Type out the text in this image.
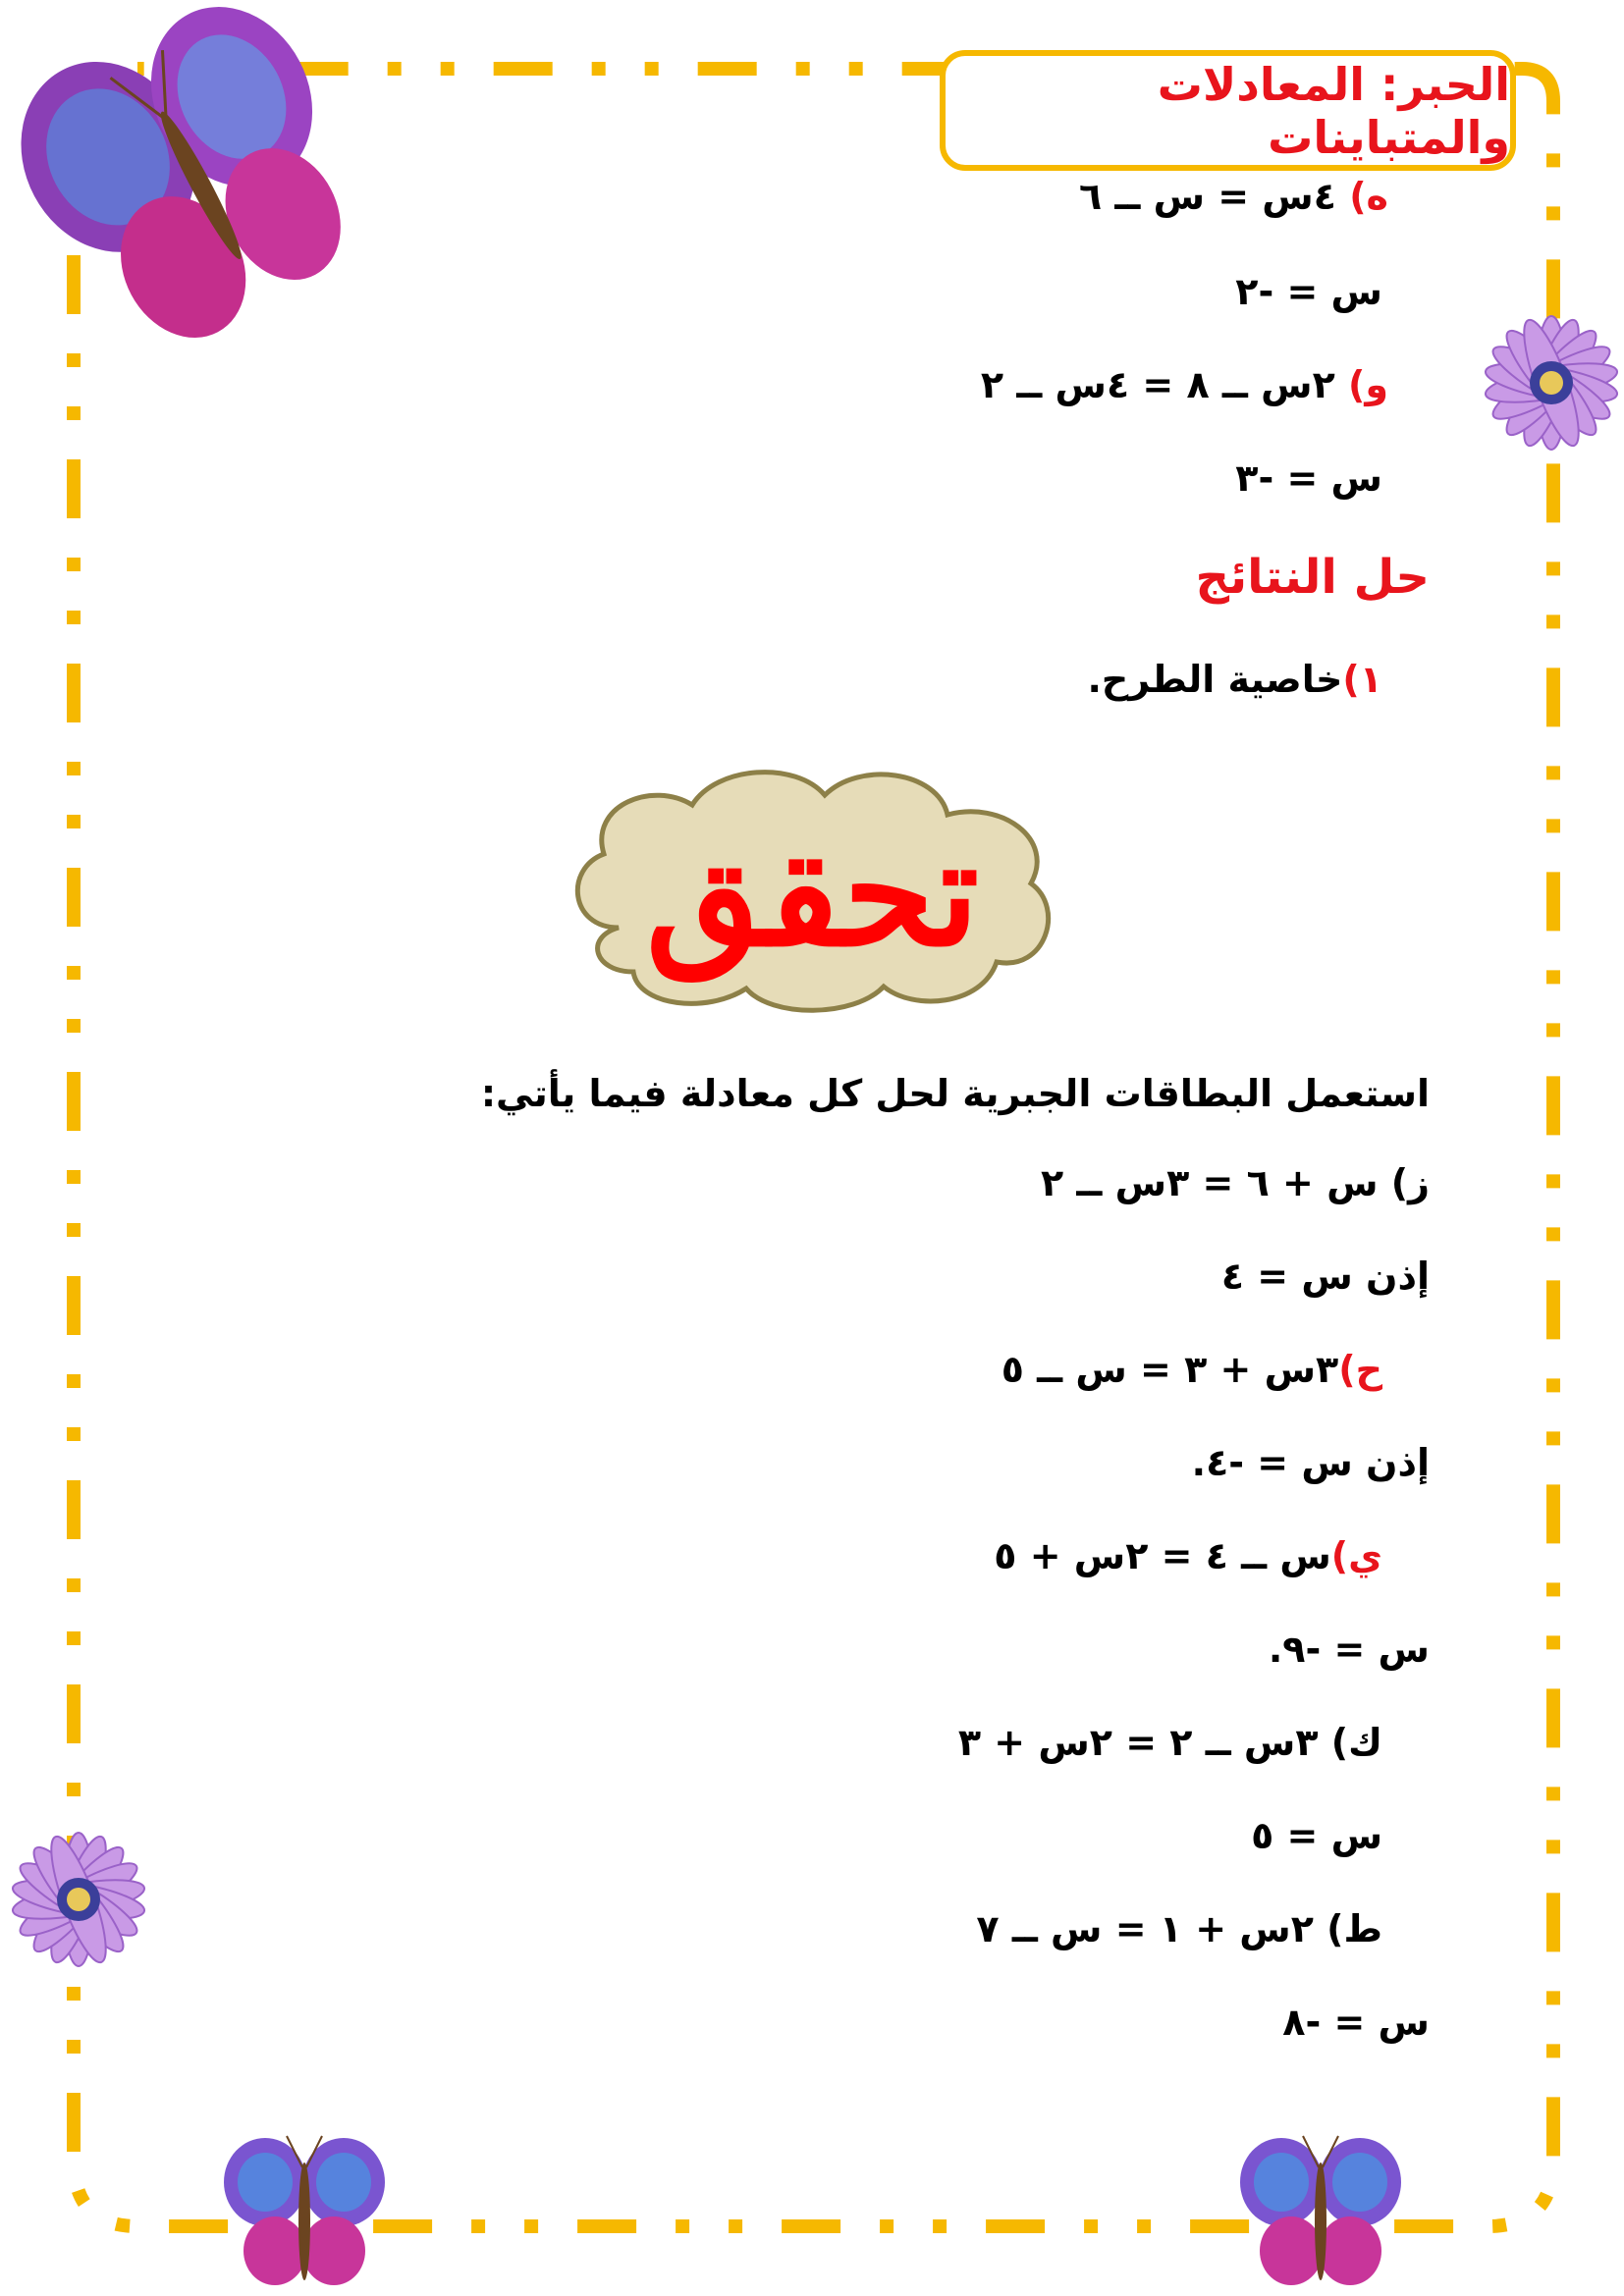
الحبر: المعادلات والمتباينات
تحقق
ه) ٤س = س ــ ٦
س = -٢
و) ٢س ــ ٨ = ٤س ــ ٢
س = -٣
حل النتائج
١)خاصية الطرح.
استعمل البطاقات الجبرية لحل كل معادلة فيما يأتي:
ز) س + ٦ = ٣س ــ ٢
إذن س = ٤
ح)٣س + ٣ = س ــ ٥
إذن س = -٤.
ي)س ــ ٤ = ٢س + ٥
س = -٩.
ك) ٣س ــ ٢ = ٢س + ٣
س = ٥
ط) ٢س + ١ = س ــ ٧
س = -٨
